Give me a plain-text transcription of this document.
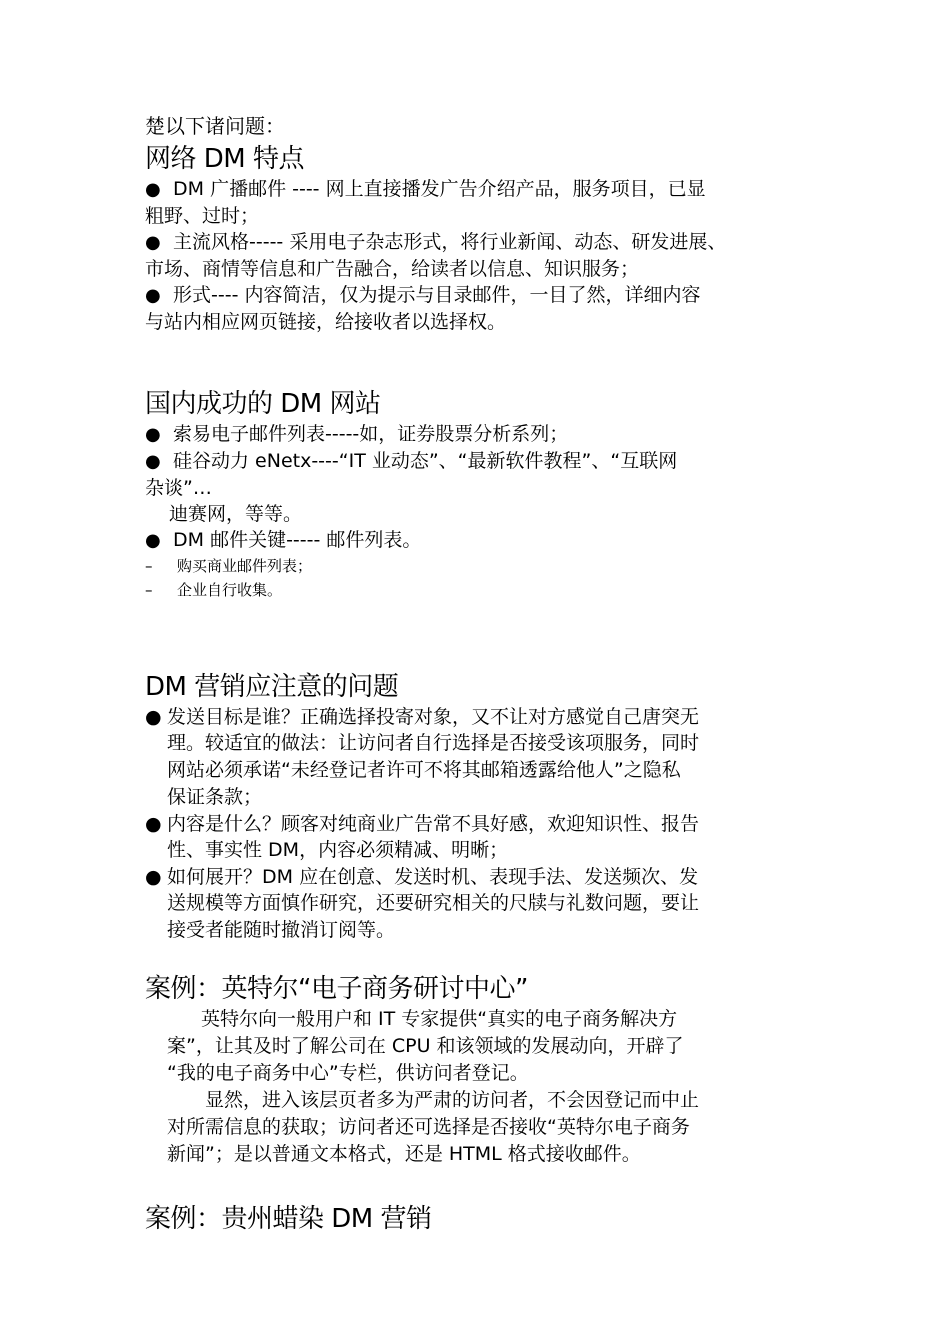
楚以下诸问题：

网络 DM 特点

● DM 广播邮件 ---- 网上直接播发广告介绍产品，服务项目，已显

粗野、过时；

● 主流风格----- 采用电子杂志形式，将行业新闻、动态、研发进展、

市场、商情等信息和广告融合，给读者以信息、知识服务；

● 形式---- 内容简洁，仅为提示与目录邮件，一目了然，详细内容

与站内相应网页链接，给接收者以选择权。

国内成功的 DM 网站

● 索易电子邮件列表-----如，证券股票分析系列；

● 硅谷动力 eNetx----“IT 业动态”、“最新软件教程”、“互联网

杂谈”…

迪赛网，等等。

● DM 邮件关键----- 邮件列表。

– 购买商业邮件列表；

– 企业自行收集。

DM 营销应注意的问题

● 发送目标是谁？正确选择投寄对象，又不让对方感觉自己唐突无

理。较适宜的做法：让访问者自行选择是否接受该项服务，同时

网站必须承诺“未经登记者许可不将其邮箱透露给他人”之隐私

保证条款；

● 内容是什么？顾客对纯商业广告常不具好感，欢迎知识性、报告

性、事实性 DM，内容必须精减、明晰；

● 如何展开？DM 应在创意、发送时机、表现手法、发送频次、发

送规模等方面慎作研究，还要研究相关的尺牍与礼数问题，要让

接受者能随时撤消订阅等。

案例：英特尔“电子商务研讨中心”

英特尔向一般用户和 IT 专家提供“真实的电子商务解决方

案”，让其及时了解公司在 CPU 和该领域的发展动向，开辟了

“我的电子商务中心”专栏，供访问者登记。

显然，进入该层页者多为严肃的访问者，不会因登记而中止

对所需信息的获取；访问者还可选择是否接收“英特尔电子商务

新闻”；是以普通文本格式，还是 HTML 格式接收邮件。

案例：贵州蜡染 DM 营销
